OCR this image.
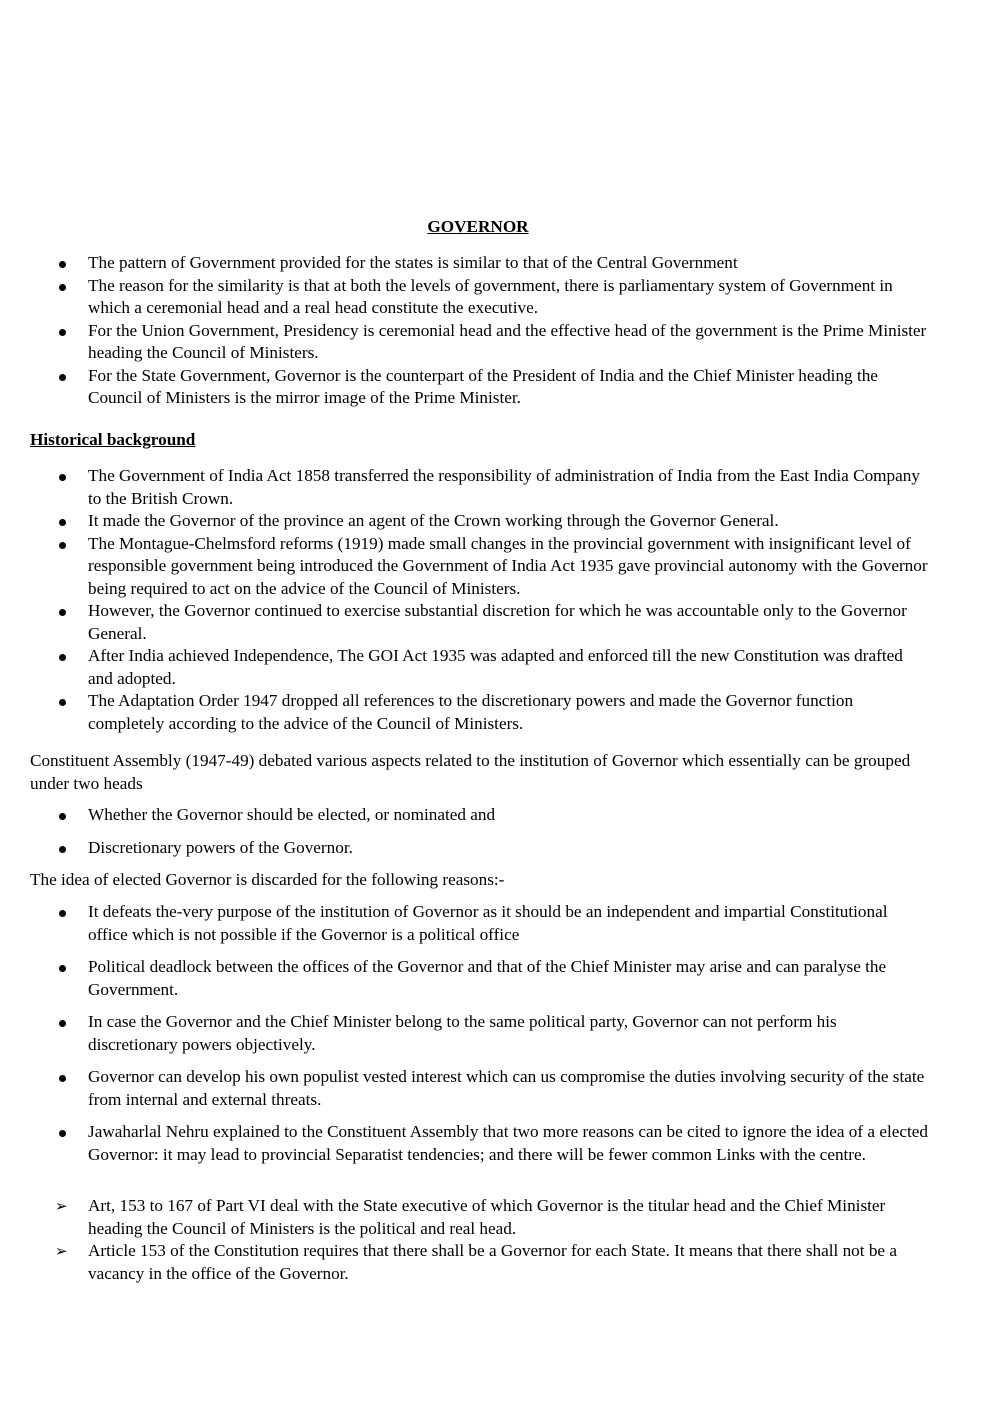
GOVERNOR
The pattern of Government provided for the states is similar to that of the Central Government
The reason for the similarity is that at both the levels of government, there is parliamentary system of Government in which a ceremonial head and a real head constitute the executive.
For the Union Government, Presidency is ceremonial head and the effective head of the government is the Prime Minister heading the Council of Ministers.
For the State Government, Governor is the counterpart of the President of India and the Chief Minister heading the Council of Ministers is the mirror image of the Prime Minister.
Historical background
The Government of India Act 1858 transferred the responsibility of administration of India from the East India Company to the British Crown.
It made the Governor of the province an agent of the Crown working through the Governor General.
The Montague-Chelmsford reforms (1919) made small changes in the provincial government with insignificant level of responsible government being introduced the Government of India Act 1935 gave provincial autonomy with the Governor being required to act on the advice of the Council of Ministers.
However, the Governor continued to exercise substantial discretion for which he was accountable only to the Governor General.
After India achieved Independence, The GOI Act 1935 was adapted and enforced till the new Constitution was drafted and adopted.
The Adaptation Order 1947 dropped all references to the discretionary powers and made the Governor function completely according to the advice of the Council of Ministers.

Constituent Assembly (1947-49) debated various aspects related to the institution of Governor which essentially can be grouped under two heads

Whether the Governor should be elected, or nominated and
Discretionary powers of the Governor.

The idea of elected Governor is discarded for the following reasons:-

It defeats the-very purpose of the institution of Governor as it should be an independent and impartial Constitutional office which is not possible if the Governor is a political office
Political deadlock between the offices of the Governor and that of the Chief Minister may arise and can paralyse the Government.
In case the Governor and the Chief Minister belong to the same political party, Governor can not perform his discretionary powers objectively.
Governor can develop his own populist vested interest which can us compromise the duties involving security of the state from internal and external threats.
Jawaharlal Nehru explained to the Constituent Assembly that two more reasons can be cited to ignore the idea of a elected Governor: it may lead to provincial Separatist tendencies; and there will be fewer common Links with the centre.
➢ Art, 153 to 167 of Part VI deal with the State executive of which Governor is the titular head and the Chief Minister heading the Council of Ministers is the political and real head.
➢ Article 153 of the Constitution requires that there shall be a Governor for each State. It means that there shall not be a vacancy in the office of the Governor.
